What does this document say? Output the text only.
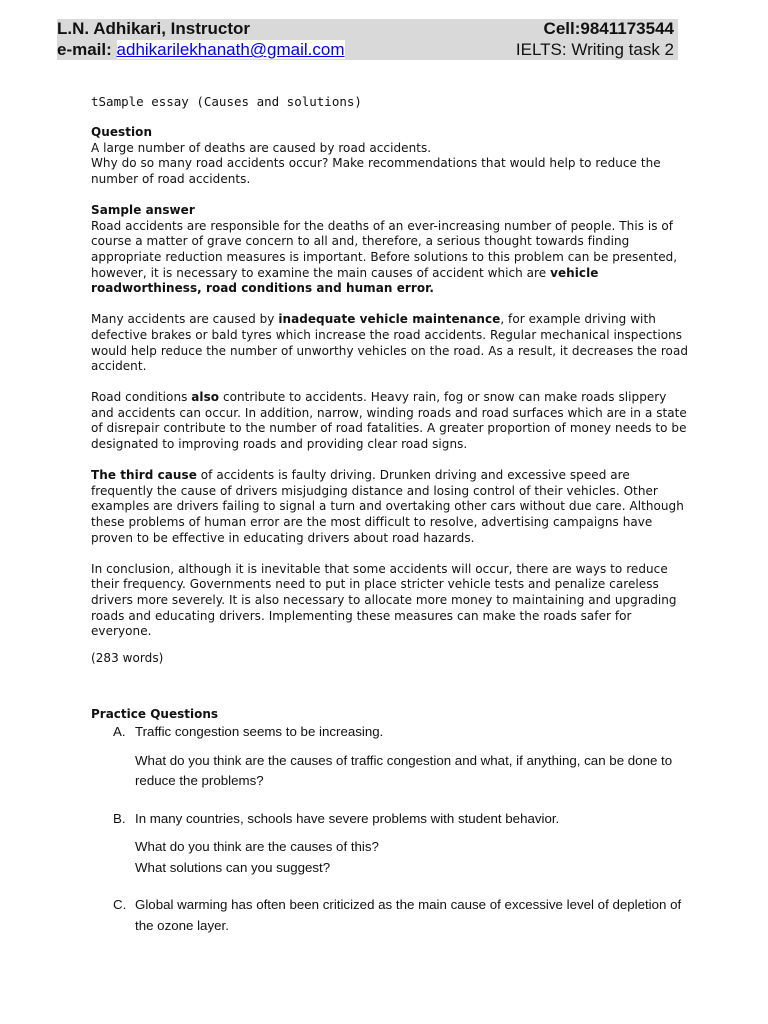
L.N. Adhikari, Instructor	Cell:9841173544
e-mail: adhikarilekhanath@gmail.com	IELTS: Writing task 2

tSample essay (Causes and solutions)

Question

A large number of deaths are caused by road accidents.

Why do so many road accidents occur? Make recommendations that would help to reduce the number of road accidents.

Sample answer

Road accidents are responsible for the deaths of an ever-increasing number of people. This is of course a matter of grave concern to all and, therefore, a serious thought towards finding appropriate reduction measures is important. Before solutions to this problem can be presented, however, it is necessary to examine the main causes of accident which are vehicle roadworthiness, road conditions and human error.

Many accidents are caused by inadequate vehicle maintenance, for example driving with defective brakes or bald tyres which increase the road accidents. Regular mechanical inspections would help reduce the number of unworthy vehicles on the road. As a result, it decreases the road accident.

Road conditions also contribute to accidents. Heavy rain, fog or snow can make roads slippery and accidents can occur. In addition, narrow, winding roads and road surfaces which are in a state of disrepair contribute to the number of road fatalities. A greater proportion of money needs to be designated to improving roads and providing clear road signs.

The third cause of accidents is faulty driving. Drunken driving and excessive speed are frequently the cause of drivers misjudging distance and losing control of their vehicles. Other examples are drivers failing to signal a turn and overtaking other cars without due care. Although these problems of human error are the most difficult to resolve, advertising campaigns have proven to be effective in educating drivers about road hazards.

In conclusion, although it is inevitable that some accidents will occur, there are ways to reduce their frequency. Governments need to put in place stricter vehicle tests and penalize careless drivers more severely. It is also necessary to allocate more money to maintaining and upgrading roads and educating drivers. Implementing these measures can make the roads safer for everyone.

(283 words)

Practice Questions
A. Traffic congestion seems to be increasing.
What do you think are the causes of traffic congestion and what, if anything, can be done to reduce the problems?
B. In many countries, schools have severe problems with student behavior.
What do you think are the causes of this?
What solutions can you suggest?
C. Global warming has often been criticized as the main cause of excessive level of depletion of the ozone layer.
